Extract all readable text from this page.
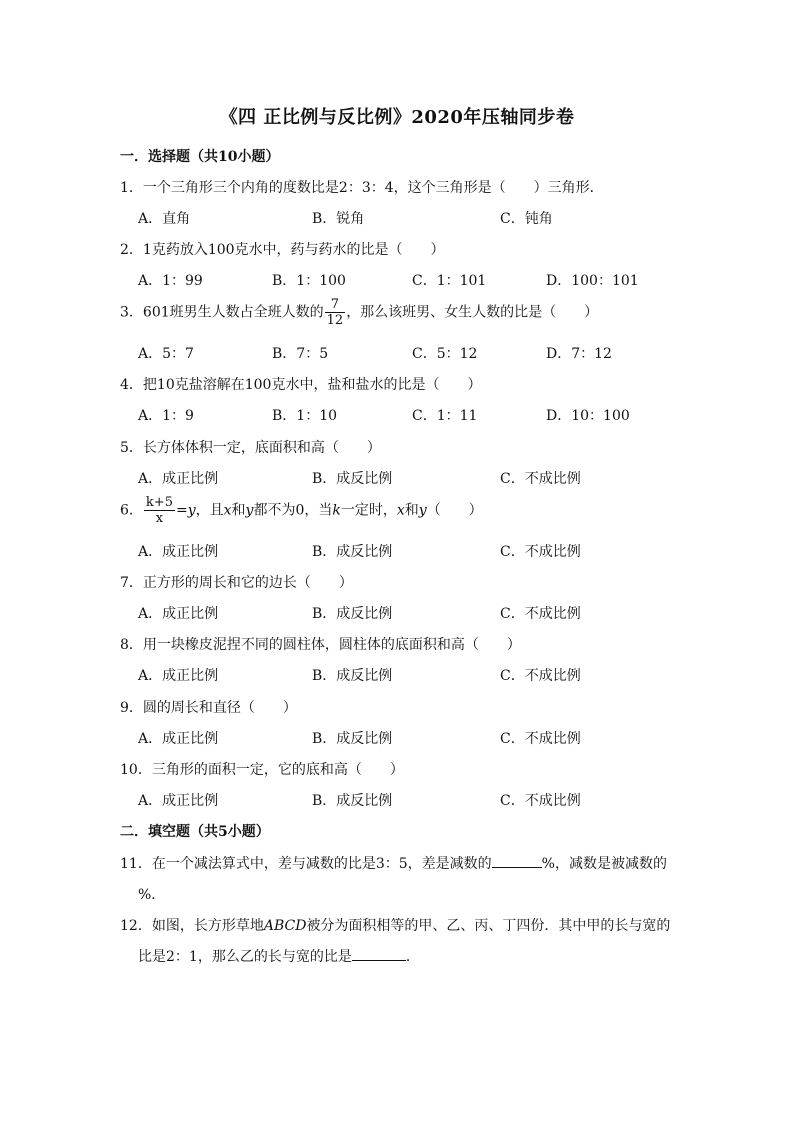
《四 正比例与反比例》2020年压轴同步卷
一．选择题（共10小题）
1．一个三角形三个内角的度数比是2：3：4，这个三角形是（　　）三角形．
A．直角	B．锐角	C．钝角
2．1克药放入100克水中，药与药水的比是（　　）
A．1：99	B．1：100	C．1：101	D．100：101
3．601班男生人数占全班人数的 $\frac{7}{12}$ ，那么该班男、女生人数的比是（　　）
A．5：7	B．7：5	C．5：12	D．7：12
4．把10克盐溶解在100克水中，盐和盐水的比是（　　）
A．1：9	B．1：10	C．1：11	D．10：100
5．长方体体积一定，底面积和高（　　）
A．成正比例	B．成反比例	C．不成比例
6． $\frac{k+5}{x} =y$，且x和y都不为0，当k一定时，x和y（　　）
A．成正比例	B．成反比例	C．不成比例
7．正方形的周长和它的边长（　　）
A．成正比例	B．成反比例	C．不成比例
8．用一块橡皮泥捏不同的圆柱体，圆柱体的底面积和高（　　）
A．成正比例	B．成反比例	C．不成比例
9．圆的周长和直径（　　）
A．成正比例	B．成反比例	C．不成比例
10．三角形的面积一定，它的底和高（　　）
A．成正比例	B．成反比例	C．不成比例
二．填空题（共5小题）
11．在一个减法算式中，差与减数的比是3：5，差是减数的	%，减数是被减数的
%．
12．如图，长方形草地ABCD被分为面积相等的甲、乙、丙、丁四份．其中甲的长与宽的
比是2：1，那么乙的长与宽的比是	．
